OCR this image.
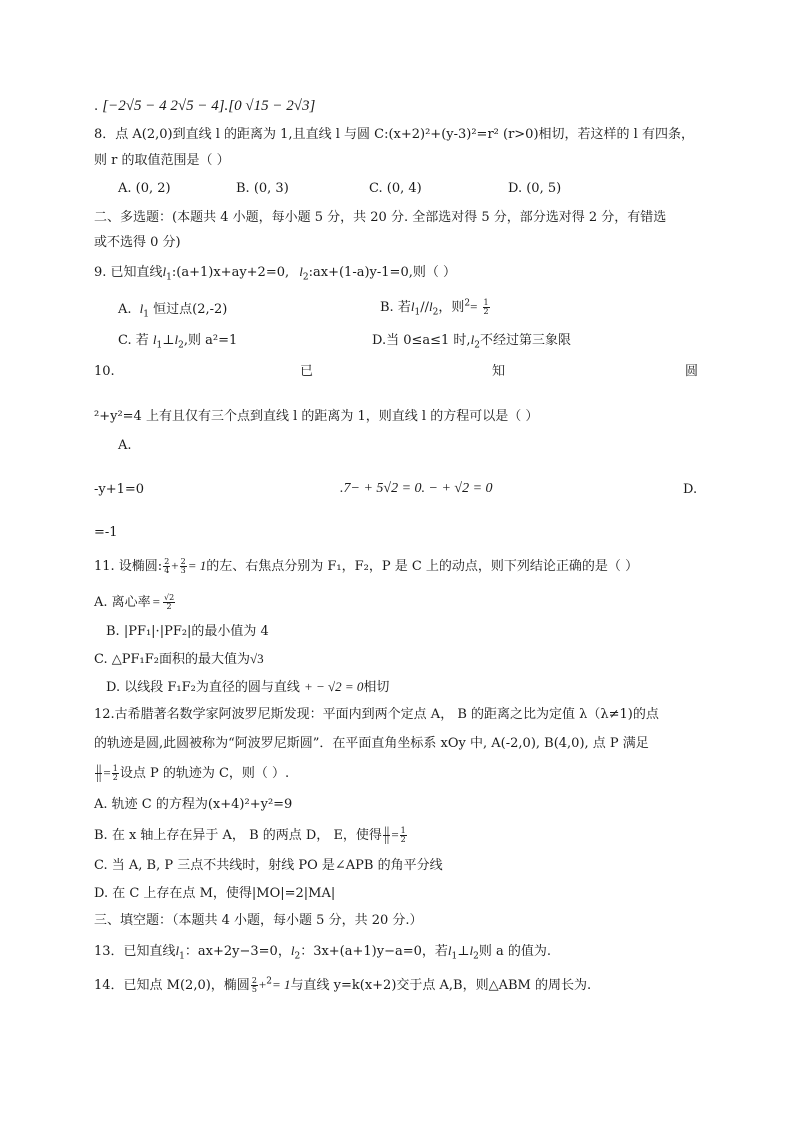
. [−2√5 − 4 2√5 − 4].[0 √15 − 2√3]
8．点 A(2,0)到直线 l 的距离为 1,且直线 l 与圆 C:(x+2)²+(y-3)²=r² (r>0)相切，若这样的 l 有四条，
则 r 的取值范围是（ ）
A. (0, 2)	B. (0, 3)	C. (0, 4)	D. (0, 5)
二、多选题：(本题共 4 小题，每小题 5 分，共 20 分. 全部选对得 5 分，部分选对得 2 分，有错选
或不选得 0 分)
9. 已知直线$l_1:(a+1)x+ay+2=0$, $l_2:ax+(1-a)y-1=0$,则（ ）
A. $l_1$ 恒过点(2,-2)	B. 若$l_1//l_2$，则$^2= \frac{1}{2}$
C. 若 $l_1\perp l_2$,则 a²=1	D.当 0≤a≤1 时$,l_2$不经过第三象限
10.	已	知	圆
²+y²=4 上有且仅有三个点到直线 l 的距离为 1，则直线 l 的方程可以是（ ）
A.
-y+1=0	.7− + 5√2 = 0. − + √2 = 0	D.
=-1
11. 设椭圆: $\frac{2}{4} + \frac{2}{3} = 1$的左、右焦点分别为 F₁，F₂，P 是 C 上的动点，则下列结论正确的是（ ）
A. 离心率 = $\frac{√2}{2}$
B. |PF₁|·|PF₂|的最小值为 4
C. △PF₁F₂面积的最大值为√3
D. 以线段 F₁F₂为直径的圆与直线 + − √2 = 0相切
12.古希腊著名数学家阿波罗尼斯发现：平面内到两个定点 A， B 的距离之比为定值 λ（λ≠1)的点
的轨迹是圆,此圆被称为“阿波罗尼斯圆”．在平面直角坐标系 xOy 中, A(-2,0), B(4,0), 点 P 满足
||
|| = $\frac{1}{2}$ 设点 P 的轨迹为 C，则（ ）.
A. 轨迹 C 的方程为(x+4)²+y²=9
B. 在 x 轴上存在异于 A， B 的两点 D， E，使得 ||
|| = $\frac{1}{2}$
C. 当 A, B, P 三点不共线时，射线 PO 是∠APB 的角平分线
D. 在 C 上存在点 M，使得|MO|=2|MA|
三、填空题：（本题共 4 小题，每小题 5 分，共 20 分.）
13．已知直线$l_1$：ax+2y−3=0，$l_2$：3x+(a+1)y−a=0，若$l_1\perp l_2$则 a 的值为.
14．已知点 M(2,0)，椭圆 $\frac{2}{5} +^2= 1$与直线 y=k(x+2)交于点 A,B，则△ABM 的周长为.
